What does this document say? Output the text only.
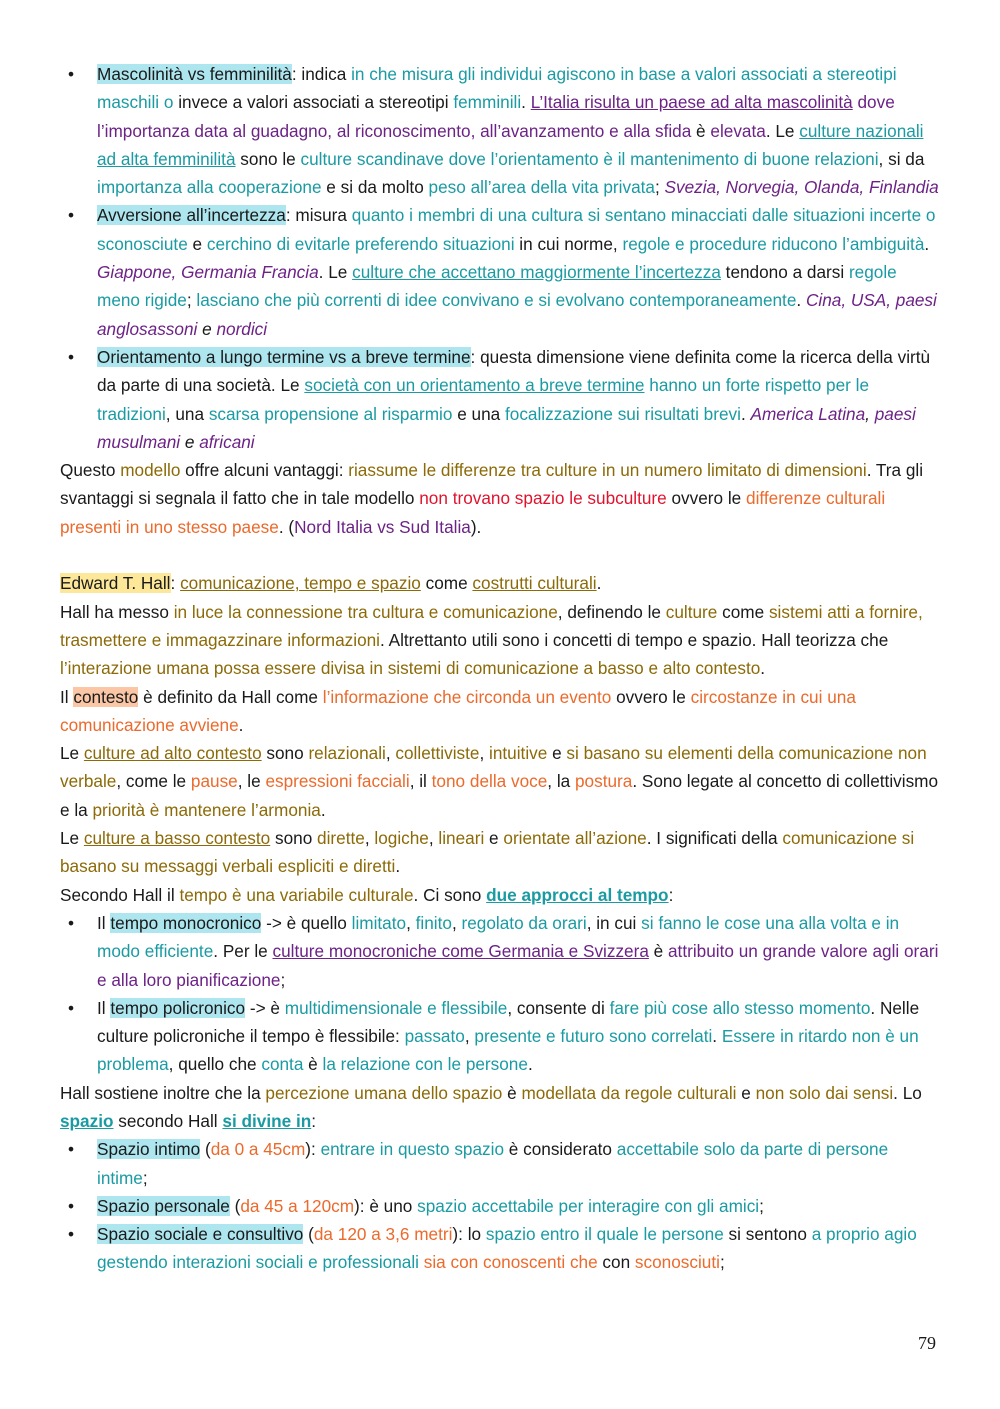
• Mascolinità vs femminilità: indica in che misura gli individui agiscono in base a valori associati a stereotipi maschili o invece a valori associati a stereotipi femminili. L’Italia risulta un paese ad alta mascolinità dove l’importanza data al guadagno, al riconoscimento, all’avanzamento e alla sfida è elevata. Le culture nazionali ad alta femminilità sono le culture scandinave dove l’orientamento è il mantenimento di buone relazioni, si da importanza alla cooperazione e si da molto peso all’area della vita privata; Svezia, Norvegia, Olanda, Finlandia
• Avversione all’incertezza: misura quanto i membri di una cultura si sentano minacciati dalle situazioni incerte o sconosciute e cerchino di evitarle preferendo situazioni in cui norme, regole e procedure riducono l’ambiguità. Giappone, Germania Francia. Le culture che accettano maggiormente l’incertezza tendono a darsi regole meno rigide; lasciano che più correnti di idee convivano e si evolvano contemporaneamente. Cina, USA, paesi anglosassoni e nordici
• Orientamento a lungo termine vs a breve termine: questa dimensione viene definita come la ricerca della virtù da parte di una società. Le società con un orientamento a breve termine hanno un forte rispetto per le tradizioni, una scarsa propensione al risparmio e una focalizzazione sui risultati brevi. America Latina, paesi musulmani e africani

Questo modello offre alcuni vantaggi: riassume le differenze tra culture in un numero limitato di dimensioni. Tra gli svantaggi si segnala il fatto che in tale modello non trovano spazio le subculture ovvero le differenze culturali presenti in uno stesso paese. (Nord Italia vs Sud Italia).

Edward T. Hall: comunicazione, tempo e spazio come costrutti culturali.

Hall ha messo in luce la connessione tra cultura e comunicazione, definendo le culture come sistemi atti a fornire, trasmettere e immagazzinare informazioni. Altrettanto utili sono i concetti di tempo e spazio. Hall teorizza che l’interazione umana possa essere divisa in sistemi di comunicazione a basso e alto contesto.

Il contesto è definito da Hall come l’informazione che circonda un evento ovvero le circostanze in cui una comunicazione avviene.

Le culture ad alto contesto sono relazionali, collettiviste, intuitive e si basano su elementi della comunicazione non verbale, come le pause, le espressioni facciali, il tono della voce, la postura. Sono legate al concetto di collettivismo e la priorità è mantenere l’armonia.

Le culture a basso contesto sono dirette, logiche, lineari e orientate all’azione. I significati della comunicazione si basano su messaggi verbali espliciti e diretti.

Secondo Hall il tempo è una variabile culturale. Ci sono due approcci al tempo:

• Il tempo monocronico -> è quello limitato, finito, regolato da orari, in cui si fanno le cose una alla volta e in modo efficiente. Per le culture monocroniche come Germania e Svizzera è attribuito un grande valore agli orari e alla loro pianificazione;
• Il tempo policronico -> è multidimensionale e flessibile, consente di fare più cose allo stesso momento. Nelle culture policroniche il tempo è flessibile: passato, presente e futuro sono correlati. Essere in ritardo non è un problema, quello che conta è la relazione con le persone.

Hall sostiene inoltre che la percezione umana dello spazio è modellata da regole culturali e non solo dai sensi. Lo spazio secondo Hall si divine in:

• Spazio intimo (da 0 a 45cm): entrare in questo spazio è considerato accettabile solo da parte di persone intime;
• Spazio personale (da 45 a 120cm): è uno spazio accettabile per interagire con gli amici;
• Spazio sociale e consultivo (da 120 a 3,6 metri): lo spazio entro il quale le persone si sentono a proprio agio gestendo interazioni sociali e professionali sia con conoscenti che con sconosciuti;
79
